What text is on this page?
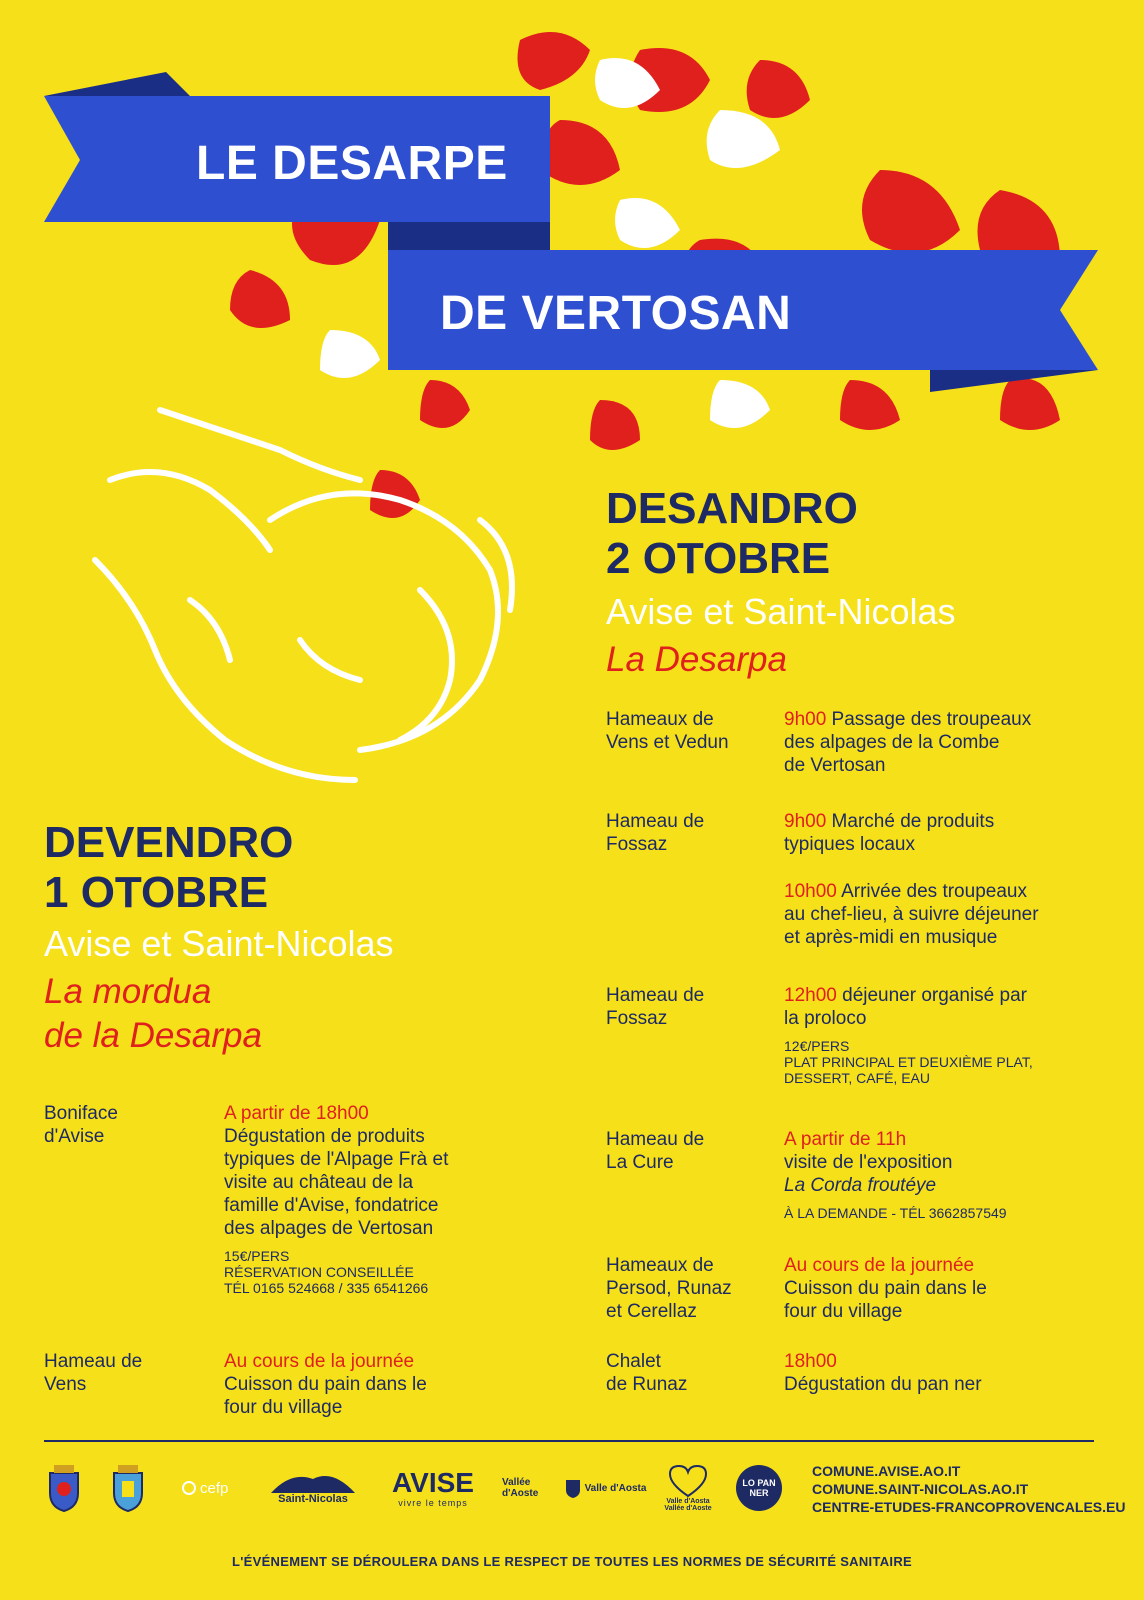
LE DESARPE
DE VERTOSAN
DESANDRO
2 OTOBRE
Avise et Saint-Nicolas
La Desarpa
Hameaux de
Vens et Vedun
9h00 Passage des troupeaux
des alpages de la Combe
de Vertosan
Hameau de
Fossaz
9h00 Marché de produits
typiques locaux
10h00 Arrivée des troupeaux
au chef-lieu, à suivre déjeuner
et après-midi en musique
Hameau de
Fossaz
12h00 déjeuner organisé par
la proloco
12€/PERS
PLAT PRINCIPAL ET DEUXIÈME PLAT,
DESSERT, CAFÉ, EAU
Hameau de
La Cure
A partir de 11h
visite de l'exposition
La Corda froutéye
À LA DEMANDE - TÉL 3662857549
Hameaux de
Persod, Runaz
et Cerellaz
Au cours de la journée
Cuisson du pain dans le
four du village
Chalet
de Runaz
18h00
Dégustation du pan ner
DEVENDRO
1 OTOBRE
Avise et Saint-Nicolas
La mordua
de la Desarpa
Boniface
d'Avise
A partir de 18h00
Dégustation de produits
typiques de l'Alpage Frà et
visite au château de la
famille d'Avise, fondatrice
des alpages de Vertosan
15€/PERS
RÉSERVATION CONSEILLÉE
TÉL 0165 524668 / 335 6541266
Hameau de
Vens
Au cours de la journée
Cuisson du pain dans le
four du village
cefp
Saint-Nicolas
AVISE
vivre le temps
Vallée d'Aoste	Valle d'Aosta
Valle d'Aosta
Vallée d'Aoste
LO PAN NER
COMUNE.AVISE.AO.IT
COMUNE.SAINT-NICOLAS.AO.IT
CENTRE-ETUDES-FRANCOPROVENCALES.EU
L'ÉVÉNEMENT SE DÉROULERA DANS LE RESPECT DE TOUTES LES NORMES DE SÉCURITÉ SANITAIRE
